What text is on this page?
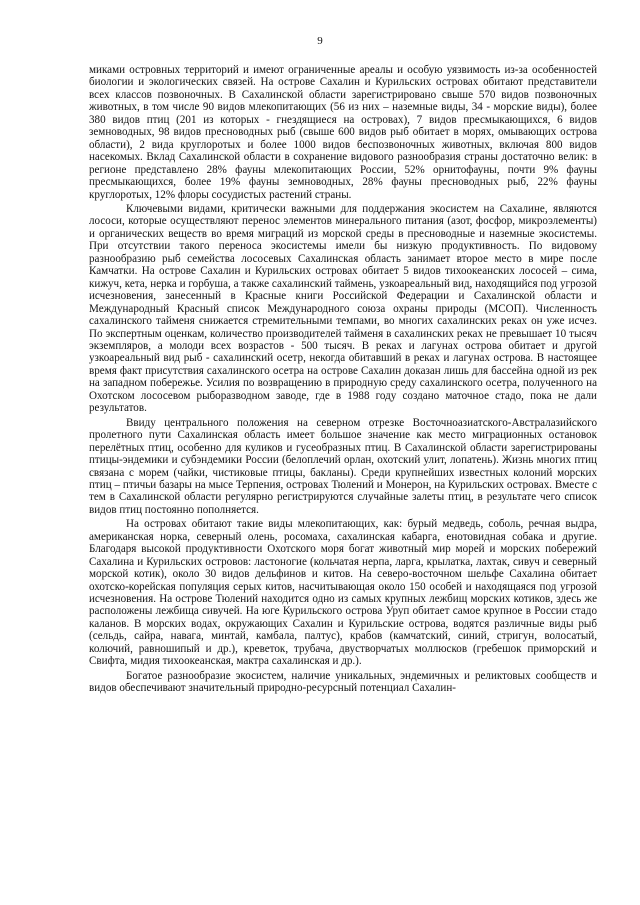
9

миками островных территорий и имеют ограниченные ареалы и особую уязвимость из-за особенностей биологии и экологических связей. На острове Сахалин и Курильских островах обитают представители всех классов позвоночных. В Сахалинской области зарегистрировано свыше 570 видов позвоночных животных, в том числе 90 видов млекопитающих (56 из них – наземные виды, 34 - морские виды), более 380 видов птиц (201 из которых - гнездящиеся на островах), 7 видов пресмыкающихся, 6 видов земноводных, 98 видов пресноводных рыб (свыше 600 видов рыб обитает в морях, омывающих острова области), 2 вида круглоротых и более 1000 видов беспозвоночных животных, включая 800 видов насекомых. Вклад Сахалинской области в сохранение видового разнообразия страны достаточно велик: в регионе представлено 28% фауны млекопитающих России, 52% орнитофауны, почти 9% фауны пресмыкающихся, более 19% фауны земноводных, 28% фауны пресноводных рыб, 22% фауны круглоротых, 12% флоры сосудистых растений страны.

Ключевыми видами, критически важными для поддержания экосистем на Сахалине, являются лососи, которые осуществляют перенос элементов минерального питания (азот, фосфор, микроэлементы) и органических веществ во время миграций из морской среды в пресноводные и наземные экосистемы. При отсутствии такого переноса экосистемы имели бы низкую продуктивность. По видовому разнообразию рыб семейства лососевых Сахалинская область занимает второе место в мире после Камчатки. На острове Сахалин и Курильских островах обитает 5 видов тихоокеанских лососей – сима, кижуч, кета, нерка и горбуша, а также сахалинский таймень, узкоареальный вид, находящийся под угрозой исчезновения, занесенный в Красные книги Российской Федерации и Сахалинской области и Международный Красный список Международного союза охраны природы (МСОП). Численность сахалинского тайменя снижается стремительными темпами, во многих сахалинских реках он уже исчез. По экспертным оценкам, количество производителей тайменя в сахалинских реках не превышает 10 тысяч экземпляров, а молоди всех возрастов - 500 тысяч. В реках и лагунах острова обитает и другой узкоареальный вид рыб - сахалинский осетр, некогда обитавший в реках и лагунах острова. В настоящее время факт присутствия сахалинского осетра на острове Сахалин доказан лишь для бассейна одной из рек на западном побережье. Усилия по возвращению в природную среду сахалинского осетра, полученного на Охотском лососевом рыборазводном заводе, где в 1988 году создано маточное стадо, пока не дали результатов.

Ввиду центрального положения на северном отрезке Восточноазиатского-Австралазийского пролетного пути Сахалинская область имеет большое значение как место миграционных остановок перелётных птиц, особенно для куликов и гусеобразных птиц. В Сахалинской области зарегистрированы птицы-эндемики и субэндемики России (белоплечий орлан, охотский улит, лопатень). Жизнь многих птиц связана с морем (чайки, чистиковые птицы, бакланы). Среди крупнейших известных колоний морских птиц – птичьи базары на мысе Терпения, островах Тюлений и Монерон, на Курильских островах. Вместе с тем в Сахалинской области регулярно регистрируются случайные залеты птиц, в результате чего список видов птиц постоянно пополняется.

На островах обитают такие виды млекопитающих, как: бурый медведь, соболь, речная выдра, американская норка, северный олень, росомаха, сахалинская кабарга, енотовидная собака и другие. Благодаря высокой продуктивности Охотского моря богат животный мир морей и морских побережий Сахалина и Курильских островов: ластоногие (кольчатая нерпа, ларга, крылатка, лахтак, сивуч и северный морской котик), около 30 видов дельфинов и китов. На северо-восточном шельфе Сахалина обитает охотско-корейская популяция серых китов, насчитывающая около 150 особей и находящаяся под угрозой исчезновения. На острове Тюлений находится одно из самых крупных лежбищ морских котиков, здесь же расположены лежбища сивучей. На юге Курильского острова Уруп обитает самое крупное в России стадо каланов. В морских водах, окружающих Сахалин и Курильские острова, водятся различные виды рыб (сельдь, сайра, навага, минтай, камбала, палтус), крабов (камчатский, синий, стригун, волосатый, колючий, равношипый и др.), креветок, трубача, двустворчатых моллюсков (гребешок приморский и Свифта, мидия тихоокеанская, мактра сахалинская и др.).

Богатое разнообразие экосистем, наличие уникальных, эндемичных и реликтовых сообществ и видов обеспечивают значительный природно-ресурсный потенциал Сахалин-
